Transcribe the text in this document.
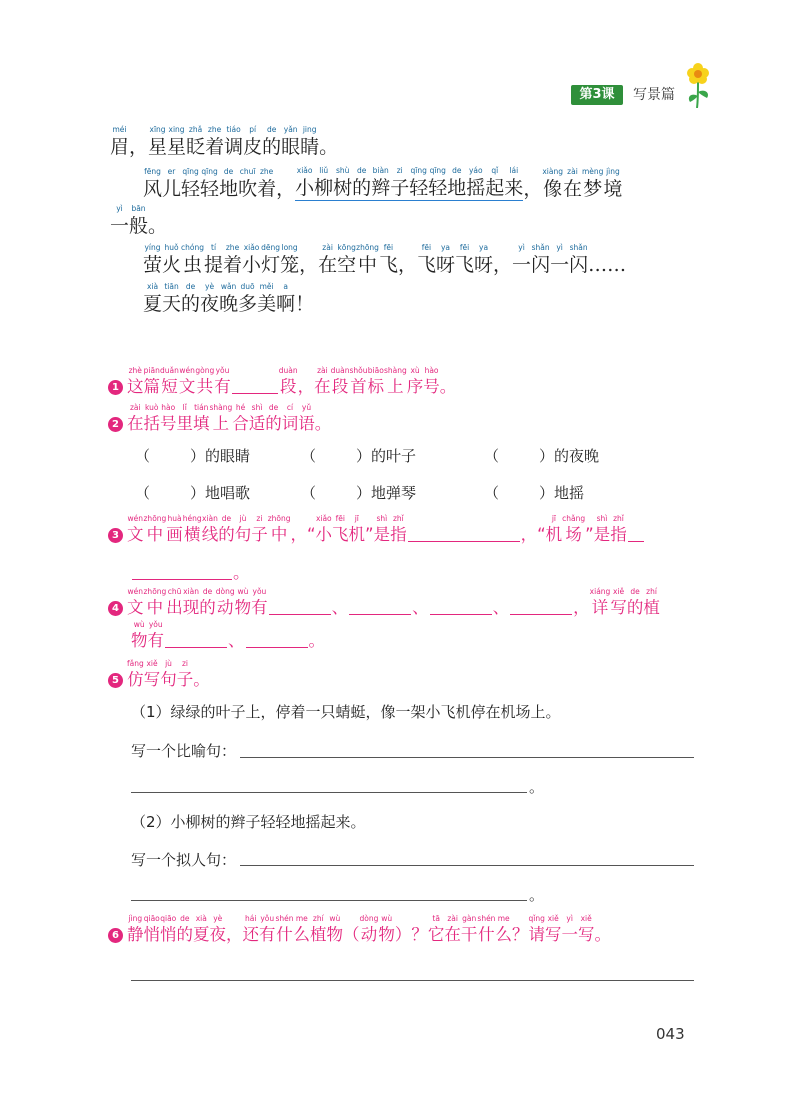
第3课	写景篇
méi
眉 ，
xīng
星
xing
星
zhǎ
眨
zhe
着
tiáo
调
pí
皮
de
的
yǎn
眼
jing
睛 。
fēng
风
er
儿
qīng
轻
qīng
轻
de
地
chuī
吹
zhe
着 ，
xiǎo
小
liǔ
柳
shù
树
de
的
biàn
辫
zi
子
qīng
轻
qīng
轻
de
地
yáo
摇
qǐ
起
lái
来 ，
xiàng
像
zài
在
mèng
梦
jìng
境
yì
一
bān
般 。
yíng
萤
huǒ
火
chóng
虫
tí
提
zhe
着
xiǎo
小
dēng
灯
long
笼 ，
zài
在
kōng
空
zhōng
中
fēi
飞 ，
fēi
飞
ya
呀
fēi
飞
ya
呀 ，
yì
一
shǎn
闪
yì
一
shǎn
闪 ……
xià
夏
tiān
天
de
的
yè
夜
wǎn
晚
duō
多
měi
美
a
啊 ！
1
zhè
这
piān
篇
duǎn
短
wén
文
gòng
共
yǒu
有
duàn
段 ，
zài
在
duàn
段
shǒu
首
biāo
标
shàng
上
xù
序
hào
号 。
2
zài
在
kuò
括
hào
号
lǐ
里
tián
填
shàng
上
hé
合
shì
适
de
的
cí
词
yǔ
语 。
（	）的眼睛	（	）的叶子	（	）的夜晚
（	）地唱歌	（	）地弹琴	（	）地摇
3
wén
文
zhōng
中
huà
画
héng
横
xiàn
线
de
的
jù
句
zi
子
zhōng
中 ，“
xiǎo
小
fēi
飞
jī
机 ”
shì
是
zhǐ
指	，“
jī
机
chǎng
场 ”
shì
是
zhǐ
指
。
4
wén
文
zhōng
中
chū
出
xiàn
现
de
的
dòng
动
wù
物
yǒu
有	、	、	、	，
xiáng
详
xiě
写
de
的
zhí
植
wù
物
yǒu
有	、	。
5
fǎng
仿
xiě
写
jù
句
zi
子 。
（1）绿绿的叶子上，停着一只蜻蜓，像一架小飞机停在机场上。
写一个比喻句：
。
（2）小柳树的辫子轻轻地摇起来。
写一个拟人句：
。
6
jìng
静
qiāo
悄
qiāo
悄
de
的
xià
夏
yè
夜 ，
hái
还
yǒu
有
shén
什
me
么
zhí
植
wù
物 （
dòng
动
wù
物 ）？
tā
它
zài
在
gàn
干
shén
什
me
么 ？
qǐng
请
xiě
写
yì
一
xiě
写 。
043
